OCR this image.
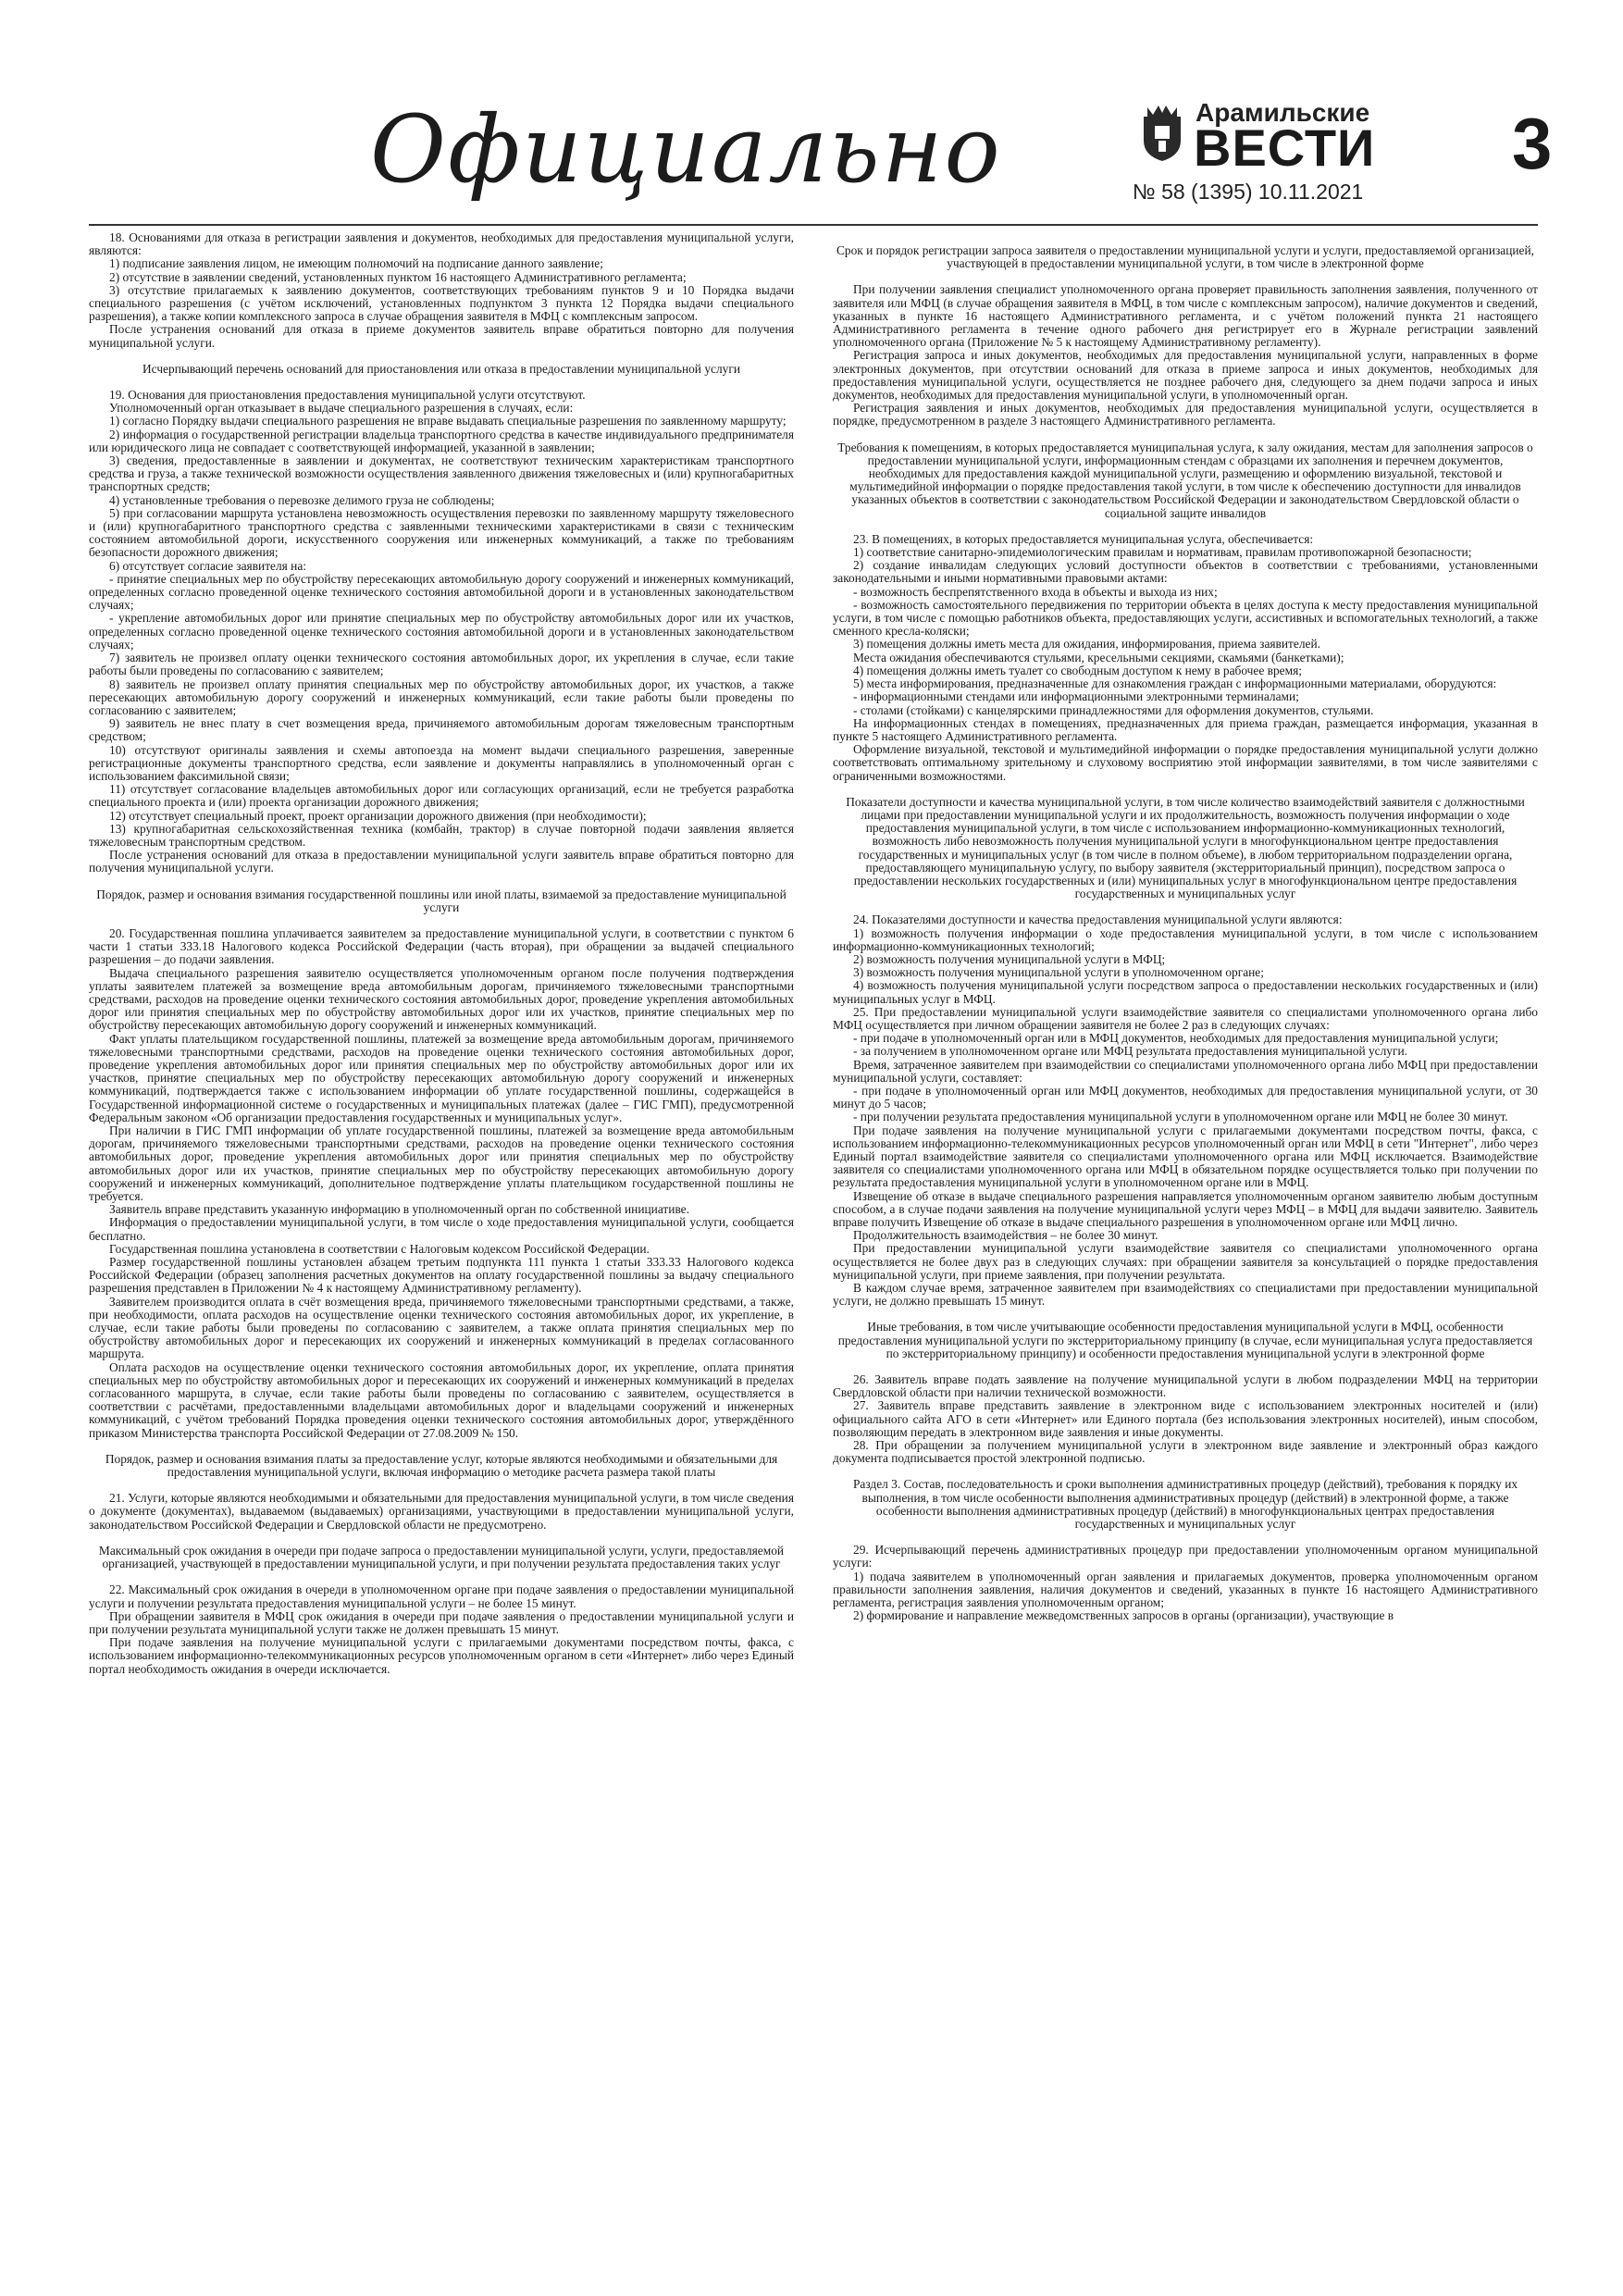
Официально	Арамильские
ВЕСТИ
№ 58 (1395) 10.11.2021
3

18. Основаниями для отказа в регистрации заявления и документов, необходимых для предоставления муниципальной услуги, являются:

1) подписание заявления лицом, не имеющим полномочий на подписание данного заявление;

2) отсутствие в заявлении сведений, установленных пунктом 16 настоящего Административного регламента;

3) отсутствие прилагаемых к заявлению документов, соответствующих требованиям пунктов 9 и 10 Порядка выдачи специального разрешения (с учётом исключений, установленных подпунктом 3 пункта 12 Порядка выдачи специального разрешения), а также копии комплексного запроса в случае обращения заявителя в МФЦ с комплексным запросом.

После устранения оснований для отказа в приеме документов заявитель вправе обратиться повторно для получения муниципальной услуги.

Исчерпывающий перечень оснований для приостановления или отказа в предоставлении муниципальной услуги

19. Основания для приостановления предоставления муниципальной услуги отсутствуют.

Уполномоченный орган отказывает в выдаче специального разрешения в случаях, если:

1) согласно Порядку выдачи специального разрешения не вправе выдавать специальные разрешения по заявленному маршруту;

2) информация о государственной регистрации владельца транспортного средства в качестве индивидуального предпринимателя или юридического лица не совпадает с соответствующей информацией, указанной в заявлении;

3) сведения, предоставленные в заявлении и документах, не соответствуют техническим характеристикам транспортного средства и груза, а также технической возможности осуществления заявленного движения тяжеловесных и (или) крупногабаритных транспортных средств;

4) установленные требования о перевозке делимого груза не соблюдены;

5) при согласовании маршрута установлена невозможность осуществления перевозки по заявленному маршруту тяжеловесного и (или) крупногабаритного транспортного средства с заявленными техническими характеристиками в связи с техническим состоянием автомобильной дороги, искусственного сооружения или инженерных коммуникаций, а также по требованиям безопасности дорожного движения;

6) отсутствует согласие заявителя на:

- принятие специальных мер по обустройству пересекающих автомобильную дорогу сооружений и инженерных коммуникаций, определенных согласно проведенной оценке технического состояния автомобильной дороги и в установленных законодательством случаях;

- укрепление автомобильных дорог или принятие специальных мер по обустройству автомобильных дорог или их участков, определенных согласно проведенной оценке технического состояния автомобильной дороги и в установленных законодательством случаях;

7) заявитель не произвел оплату оценки технического состояния автомобильных дорог, их укрепления в случае, если такие работы были проведены по согласованию с заявителем;

8) заявитель не произвел оплату принятия специальных мер по обустройству автомобильных дорог, их участков, а также пересекающих автомобильную дорогу сооружений и инженерных коммуникаций, если такие работы были проведены по согласованию с заявителем;

9) заявитель не внес плату в счет возмещения вреда, причиняемого автомобильным дорогам тяжеловесным транспортным средством;

10) отсутствуют оригиналы заявления и схемы автопоезда на момент выдачи специального разрешения, заверенные регистрационные документы транспортного средства, если заявление и документы направлялись в уполномоченный орган с использованием факсимильной связи;

11) отсутствует согласование владельцев автомобильных дорог или согласующих организаций, если не требуется разработка специального проекта и (или) проекта организации дорожного движения;

12) отсутствует специальный проект, проект организации дорожного движения (при необходимости);

13) крупногабаритная сельскохозяйственная техника (комбайн, трактор) в случае повторной подачи заявления является тяжеловесным транспортным средством.

После устранения оснований для отказа в предоставлении муниципальной услуги заявитель вправе обратиться повторно для получения муниципальной услуги.

Порядок, размер и основания взимания государственной пошлины или иной платы, взимаемой за предоставление муниципальной услуги

20. Государственная пошлина уплачивается заявителем за предоставление муниципальной услуги, в соответствии с пунктом 6 части 1 статьи 333.18 Налогового кодекса Российской Федерации (часть вторая), при обращении за выдачей специального разрешения – до подачи заявления.

Выдача специального разрешения заявителю осуществляется уполномоченным органом после получения подтверждения уплаты заявителем платежей за возмещение вреда автомобильным дорогам, причиняемого тяжеловесными транспортными средствами, расходов на проведение оценки технического состояния автомобильных дорог, проведение укрепления автомобильных дорог или принятия специальных мер по обустройству автомобильных дорог или их участков, принятие специальных мер по обустройству пересекающих автомобильную дорогу сооружений и инженерных коммуникаций.

Факт уплаты плательщиком государственной пошлины, платежей за возмещение вреда автомобильным дорогам, причиняемого тяжеловесными транспортными средствами, расходов на проведение оценки технического состояния автомобильных дорог, проведение укрепления автомобильных дорог или принятия специальных мер по обустройству автомобильных дорог или их участков, принятие специальных мер по обустройству пересекающих автомобильную дорогу сооружений и инженерных коммуникаций, подтверждается также с использованием информации об уплате государственной пошлины, содержащейся в Государственной информационной системе о государственных и муниципальных платежах (далее – ГИС ГМП), предусмотренной Федеральным законом «Об организации предоставления государственных и муниципальных услуг».

При наличии в ГИС ГМП информации об уплате государственной пошлины, платежей за возмещение вреда автомобильным дорогам, причиняемого тяжеловесными транспортными средствами, расходов на проведение оценки технического состояния автомобильных дорог, проведение укрепления автомобильных дорог или принятия специальных мер по обустройству автомобильных дорог или их участков, принятие специальных мер по обустройству пересекающих автомобильную дорогу сооружений и инженерных коммуникаций, дополнительное подтверждение уплаты плательщиком государственной пошлины не требуется.

Заявитель вправе представить указанную информацию в уполномоченный орган по собственной инициативе.

Информация о предоставлении муниципальной услуги, в том числе о ходе предоставления муниципальной услуги, сообщается бесплатно.

Государственная пошлина установлена в соответствии с Налоговым кодексом Российской Федерации.

Размер государственной пошлины установлен абзацем третьим подпункта 111 пункта 1 статьи 333.33 Налогового кодекса Российской Федерации (образец заполнения расчетных документов на оплату государственной пошлины за выдачу специального разрешения представлен в Приложении № 4 к настоящему Административному регламенту).

Заявителем производится оплата в счёт возмещения вреда, причиняемого тяжеловесными транспортными средствами, а также, при необходимости, оплата расходов на осуществление оценки технического состояния автомобильных дорог, их укрепление, в случае, если такие работы были проведены по согласованию с заявителем, а также оплата принятия специальных мер по обустройству автомобильных дорог и пересекающих их сооружений и инженерных коммуникаций в пределах согласованного маршрута.

Оплата расходов на осуществление оценки технического состояния автомобильных дорог, их укрепление, оплата принятия специальных мер по обустройству автомобильных дорог и пересекающих их сооружений и инженерных коммуникаций в пределах согласованного маршрута, в случае, если такие работы были проведены по согласованию с заявителем, осуществляется в соответствии с расчётами, предоставленными владельцами автомобильных дорог и владельцами сооружений и инженерных коммуникаций, с учётом требований Порядка проведения оценки технического состояния автомобильных дорог, утверждённого приказом Министерства транспорта Российской Федерации от 27.08.2009 № 150.

Порядок, размер и основания взимания платы за предоставление услуг, которые являются необходимыми и обязательными для предоставления муниципальной услуги, включая информацию о методике расчета размера такой платы

21. Услуги, которые являются необходимыми и обязательными для предоставления муниципальной услуги, в том числе сведения о документе (документах), выдаваемом (выдаваемых) организациями, участвующими в предоставлении муниципальной услуги, законодательством Российской Федерации и Свердловской области не предусмотрено.

Максимальный срок ожидания в очереди при подаче запроса о предоставлении муниципальной услуги, услуги, предоставляемой организацией, участвующей в предоставлении муниципальной услуги, и при получении результата предоставления таких услуг

22. Максимальный срок ожидания в очереди в уполномоченном органе при подаче заявления о предоставлении муниципальной услуги и получении результата предоставления муниципальной услуги – не более 15 минут.

При обращении заявителя в МФЦ срок ожидания в очереди при подаче заявления о предоставлении муниципальной услуги и при получении результата муниципальной услуги также не должен превышать 15 минут.

При подаче заявления на получение муниципальной услуги с прилагаемыми документами посредством почты, факса, с использованием информационно-телекоммуникационных ресурсов уполномоченным органом в сети «Интернет» либо через Единый портал необходимость ожидания в очереди исключается.

Срок и порядок регистрации запроса заявителя о предоставлении муниципальной услуги и услуги, предоставляемой организацией, участвующей в предоставлении муниципальной услуги, в том числе в электронной форме

При получении заявления специалист уполномоченного органа проверяет правильность заполнения заявления, полученного от заявителя или МФЦ (в случае обращения заявителя в МФЦ, в том числе с комплексным запросом), наличие документов и сведений, указанных в пункте 16 настоящего Административного регламента, и с учётом положений пункта 21 настоящего Административного регламента в течение одного рабочего дня регистрирует его в Журнале регистрации заявлений уполномоченного органа (Приложение № 5 к настоящему Административному регламенту).

Регистрация запроса и иных документов, необходимых для предоставления муниципальной услуги, направленных в форме электронных документов, при отсутствии оснований для отказа в приеме запроса и иных документов, необходимых для предоставления муниципальной услуги, осуществляется не позднее рабочего дня, следующего за днем подачи запроса и иных документов, необходимых для предоставления муниципальной услуги, в уполномоченный орган.

Регистрация заявления и иных документов, необходимых для предоставления муниципальной услуги, осуществляется в порядке, предусмотренном в разделе 3 настоящего Административного регламента.

Требования к помещениям, в которых предоставляется муниципальная услуга, к залу ожидания, местам для заполнения запросов о предоставлении муниципальной услуги, информационным стендам с образцами их заполнения и перечнем документов, необходимых для предоставления каждой муниципальной услуги, размещению и оформлению визуальной, текстовой и мультимедийной информации о порядке предоставления такой услуги, в том числе к обеспечению доступности для инвалидов указанных объектов в соответствии с законодательством Российской Федерации и законодательством Свердловской области о социальной защите инвалидов

23. В помещениях, в которых предоставляется муниципальная услуга, обеспечивается:

1) соответствие санитарно-эпидемиологическим правилам и нормативам, правилам противопожарной безопасности;

2) создание инвалидам следующих условий доступности объектов в соответствии с требованиями, установленными законодательными и иными нормативными правовыми актами:

- возможность беспрепятственного входа в объекты и выхода из них;

- возможность самостоятельного передвижения по территории объекта в целях доступа к месту предоставления муниципальной услуги, в том числе с помощью работников объекта, предоставляющих услуги, ассистивных и вспомогательных технологий, а также сменного кресла-коляски;

3) помещения должны иметь места для ожидания, информирования, приема заявителей.

Места ожидания обеспечиваются стульями, кресельными секциями, скамьями (банкетками);

4) помещения должны иметь туалет со свободным доступом к нему в рабочее время;

5) места информирования, предназначенные для ознакомления граждан с информационными материалами, оборудуются:

- информационными стендами или информационными электронными терминалами;

- столами (стойками) с канцелярскими принадлежностями для оформления документов, стульями.

На информационных стендах в помещениях, предназначенных для приема граждан, размещается информация, указанная в пункте 5 настоящего Административного регламента.

Оформление визуальной, текстовой и мультимедийной информации о порядке предоставления муниципальной услуги должно соответствовать оптимальному зрительному и слуховому восприятию этой информации заявителями, в том числе заявителями с ограниченными возможностями.

Показатели доступности и качества муниципальной услуги, в том числе количество взаимодействий заявителя с должностными лицами при предоставлении муниципальной услуги и их продолжительность, возможность получения информации о ходе предоставления муниципальной услуги, в том числе с использованием информационно-коммуникационных технологий, возможность либо невозможность получения муниципальной услуги в многофункциональном центре предоставления государственных и муниципальных услуг (в том числе в полном объеме), в любом территориальном подразделении органа, предоставляющего муниципальную услугу, по выбору заявителя (экстерриториальный принцип), посредством запроса о предоставлении нескольких государственных и (или) муниципальных услуг в многофункциональном центре предоставления государственных и муниципальных услуг

24. Показателями доступности и качества предоставления муниципальной услуги являются:

1) возможность получения информации о ходе предоставления муниципальной услуги, в том числе с использованием информационно-коммуникационных технологий;

2) возможность получения муниципальной услуги в МФЦ;

3) возможность получения муниципальной услуги в уполномоченном органе;

4) возможность получения муниципальной услуги посредством запроса о предоставлении нескольких государственных и (или) муниципальных услуг в МФЦ.

25. При предоставлении муниципальной услуги взаимодействие заявителя со специалистами уполномоченного органа либо МФЦ осуществляется при личном обращении заявителя не более 2 раз в следующих случаях:

- при подаче в уполномоченный орган или в МФЦ документов, необходимых для предоставления муниципальной услуги;

- за получением в уполномоченном органе или МФЦ результата предоставления муниципальной услуги.

Время, затраченное заявителем при взаимодействии со специалистами уполномоченного органа либо МФЦ при предоставлении муниципальной услуги, составляет:

- при подаче в уполномоченный орган или МФЦ документов, необходимых для предоставления муниципальной услуги, от 30 минут до 5 часов;

- при получении результата предоставления муниципальной услуги в уполномоченном органе или МФЦ не более 30 минут.

При подаче заявления на получение муниципальной услуги с прилагаемыми документами посредством почты, факса, с использованием информационно-телекоммуникационных ресурсов уполномоченный орган или МФЦ в сети "Интернет", либо через Единый портал взаимодействие заявителя со специалистами уполномоченного органа или МФЦ исключается. Взаимодействие заявителя со специалистами уполномоченного органа или МФЦ в обязательном порядке осуществляется только при получении по результата предоставления муниципальной услуги в уполномоченном органе или в МФЦ.

Извещение об отказе в выдаче специального разрешения направляется уполномоченным органом заявителю любым доступным способом, а в случае подачи заявления на получение муниципальной услуги через МФЦ – в МФЦ для выдачи заявителю. Заявитель вправе получить Извещение об отказе в выдаче специального разрешения в уполномоченном органе или МФЦ лично.

Продолжительность взаимодействия – не более 30 минут.

При предоставлении муниципальной услуги взаимодействие заявителя со специалистами уполномоченного органа осуществляется не более двух раз в следующих случаях: при обращении заявителя за консультацией о порядке предоставления муниципальной услуги, при приеме заявления, при получении результата.

В каждом случае время, затраченное заявителем при взаимодействиях со специалистами при предоставлении муниципальной услуги, не должно превышать 15 минут.

Иные требования, в том числе учитывающие особенности предоставления муниципальной услуги в МФЦ, особенности предоставления муниципальной услуги по экстерриториальному принципу (в случае, если муниципальная услуга предоставляется по экстерриториальному принципу) и особенности предоставления муниципальной услуги в электронной форме

26. Заявитель вправе подать заявление на получение муниципальной услуги в любом подразделении МФЦ на территории Свердловской области при наличии технической возможности.

27. Заявитель вправе представить заявление в электронном виде с использованием электронных носителей и (или) официального сайта АГО в сети «Интернет» или Единого портала (без использования электронных носителей), иным способом, позволяющим передать в электронном виде заявления и иные документы.

28. При обращении за получением муниципальной услуги в электронном виде заявление и электронный образ каждого документа подписывается простой электронной подписью.

Раздел 3. Состав, последовательность и сроки выполнения административных процедур (действий), требования к порядку их выполнения, в том числе особенности выполнения административных процедур (действий) в электронной форме, а также особенности выполнения административных процедур (действий) в многофункциональных центрах предоставления государственных и муниципальных услуг

29. Исчерпывающий перечень административных процедур при предоставлении уполномоченным органом муниципальной услуги:

1) подача заявителем в уполномоченный орган заявления и прилагаемых документов, проверка уполномоченным органом правильности заполнения заявления, наличия документов и сведений, указанных в пункте 16 настоящего Административного регламента, регистрация заявления уполномоченным органом;

2) формирование и направление межведомственных запросов в органы (организации), участвующие в
